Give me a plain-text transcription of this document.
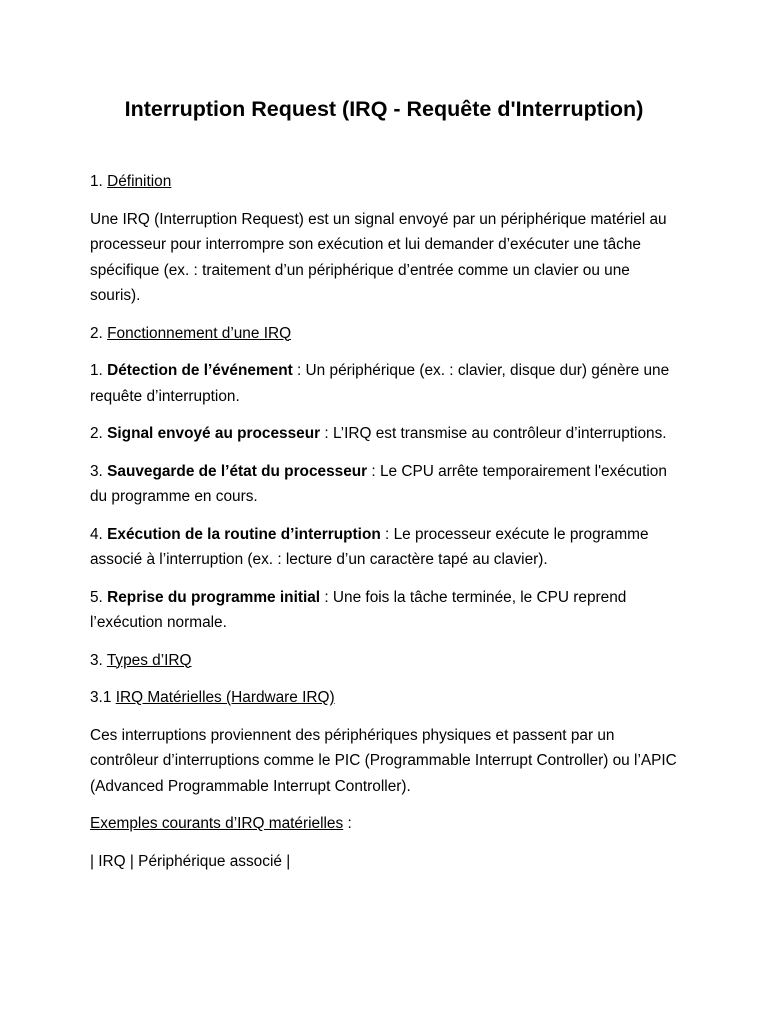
Interruption Request (IRQ - Requête d'Interruption)

1. Définition

Une IRQ (Interruption Request) est un signal envoyé par un périphérique matériel au processeur pour interrompre son exécution et lui demander d’exécuter une tâche spécifique (ex. : traitement d’un périphérique d’entrée comme un clavier ou une souris).

2. Fonctionnement d’une IRQ

1. Détection de l’événement : Un périphérique (ex. : clavier, disque dur) génère une requête d’interruption.

2. Signal envoyé au processeur : L’IRQ est transmise au contrôleur d’interruptions.

3. Sauvegarde de l’état du processeur : Le CPU arrête temporairement l'exécution du programme en cours.

4. Exécution de la routine d’interruption : Le processeur exécute le programme associé à l’interruption (ex. : lecture d’un caractère tapé au clavier).

5. Reprise du programme initial : Une fois la tâche terminée, le CPU reprend l’exécution normale.

3. Types d’IRQ

3.1 IRQ Matérielles (Hardware IRQ)

Ces interruptions proviennent des périphériques physiques et passent par un contrôleur d’interruptions comme le PIC (Programmable Interrupt Controller) ou l’APIC (Advanced Programmable Interrupt Controller).

Exemples courants d’IRQ matérielles :

| IRQ | Périphérique associé |
